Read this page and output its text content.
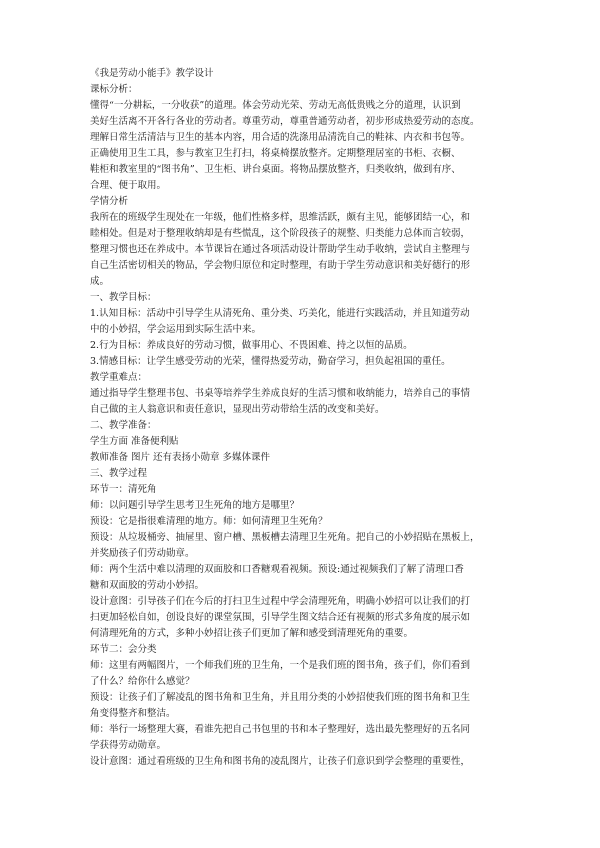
《我是劳动小能手》教学设计
课标分析：
懂得“一分耕耘，一分收获”的道理。体会劳动光荣、劳动无高低贵贱之分的道理，认识到
美好生活离不开各行各业的劳动者。尊重劳动，尊重普通劳动者，初步形成热爱劳动的态度。
理解日常生活清洁与卫生的基本内容，用合适的洗涤用品清洗自己的鞋袜、内衣和书包等。
正确使用卫生工具，参与教室卫生打扫，将桌椅摆放整齐。定期整理居室的书柜、衣橱、
鞋柜和教室里的“图书角”、卫生柜、讲台桌面。将物品摆放整齐，归类收纳，做到有序、
合理、便于取用。
学情分析
我所在的班级学生现处在一年级，他们性格多样，思维活跃，颇有主见，能够团结一心，和
睦相处。但是对于整理收纳却是有些慌乱，这个阶段孩子的规整、归类能力总体而言较弱，
整理习惯也还在养成中。本节课旨在通过各项活动设计帮助学生动手收纳，尝试自主整理与
自己生活密切相关的物品，学会物归原位和定时整理，有助于学生劳动意识和美好德行的形
成。
一、教学目标：
1.认知目标：活动中引导学生从清死角、重分类、巧美化，能进行实践活动，并且知道劳动
中的小妙招，学会运用到实际生活中来。
2.行为目标：养成良好的劳动习惯，做事用心、不畏困难、持之以恒的品质。
3.情感目标：让学生感受劳动的光荣，懂得热爱劳动，勤奋学习，担负起祖国的重任。
教学重难点：
通过指导学生整理书包、书桌等培养学生养成良好的生活习惯和收纳能力，培养自己的事情
自己做的主人翁意识和责任意识，显现出劳动带给生活的改变和美好。
二、教学准备：
学生方面 准备便利贴
教师准备 图片 还有表扬小勋章 多媒体课件
三、教学过程
环节一：清死角
师：以问题引导学生思考卫生死角的地方是哪里？
预设：它是指很难清理的地方。师：如何清理卫生死角？
预设：从垃圾桶旁、抽屉里、窗户槽、黑板槽去清理卫生死角。把自己的小妙招贴在黑板上，
并奖励孩子们劳动勋章。
师：两个生活中难以清理的双面胶和口香糖观看视频。预设:通过视频我们了解了清理口香
糖和双面胶的劳动小妙招。
设计意图：引导孩子们在今后的打扫卫生过程中学会清理死角，明确小妙招可以让我们的打
扫更加轻松自如，创设良好的课堂氛围，引导学生图文结合还有视频的形式多角度的展示如
何清理死角的方式，多种小妙招让孩子们更加了解和感受到清理死角的重要。
环节二：会分类
师：这里有两幅图片，一个师我们班的卫生角，一个是我们班的图书角，孩子们，你们看到
了什么？给你什么感觉？
预设：让孩子们了解凌乱的图书角和卫生角，并且用分类的小妙招使我们班的图书角和卫生
角变得整齐和整洁。
师：举行一场整理大赛，看谁先把自己书包里的书和本子整理好，选出最先整理好的五名同
学获得劳动勋章。
设计意图：通过看班级的卫生角和图书角的凌乱图片，让孩子们意识到学会整理的重要性，
